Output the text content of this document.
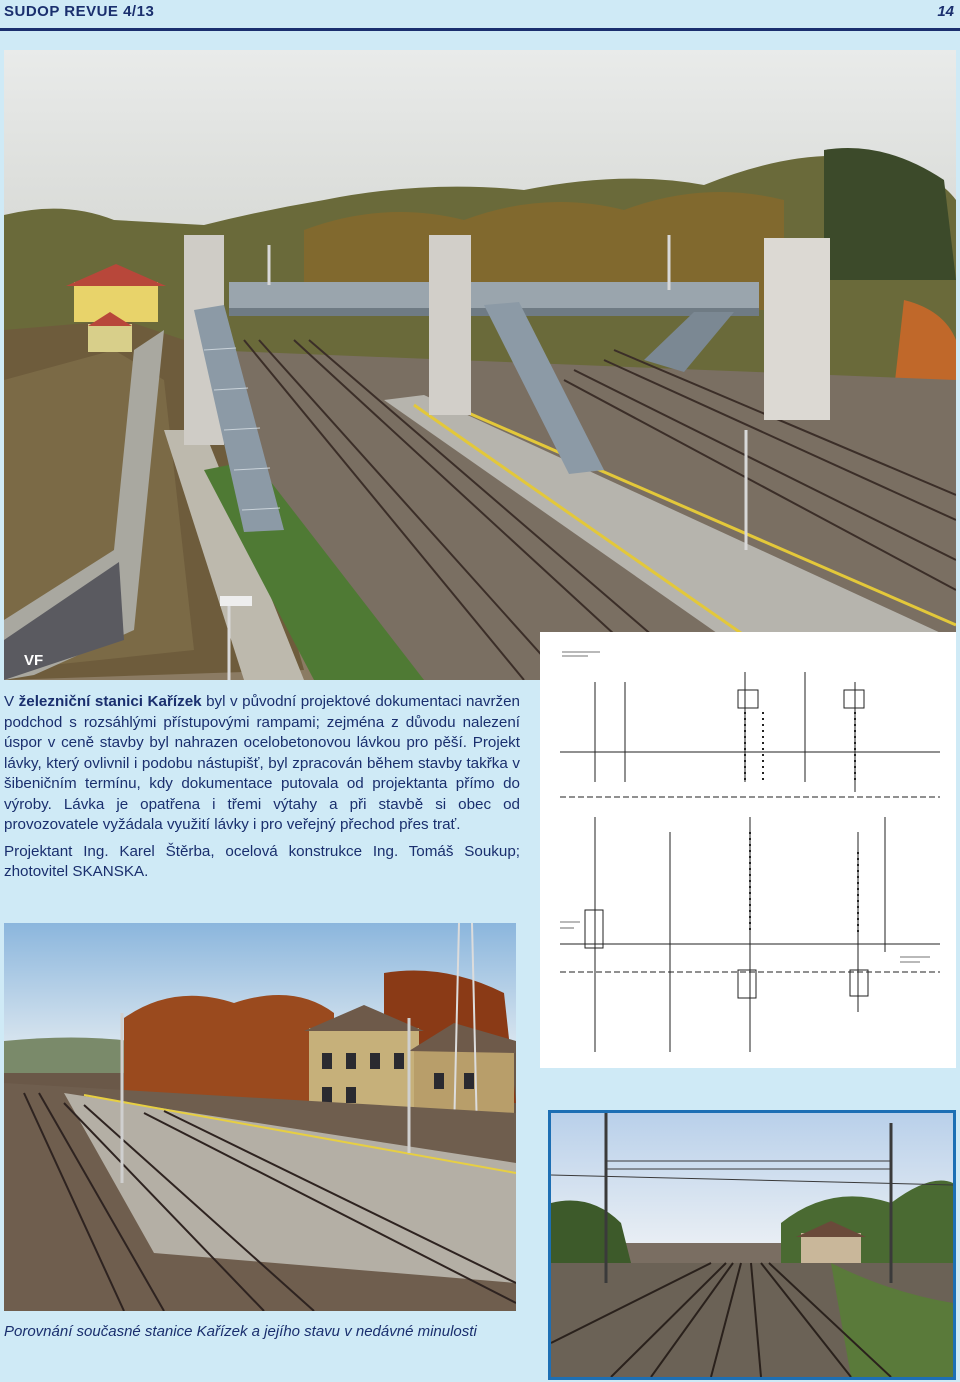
SUDOP REVUE 4/13	14
VF

V železniční stanici Kařízek byl v původní projektové dokumentaci navržen podchod s rozsáhlými přístupovými rampami; zejména z důvodu nalezení úspor v ceně stavby byl nahrazen ocelobetonovou lávkou pro pěší. Projekt lávky, který ovlivnil i podobu nástupišť, byl zpracován během stavby takřka v šibeničním termínu, kdy dokumentace putovala od projektanta přímo do výroby. Lávka je opatřena i třemi výtahy a při stavbě si obec od provozovatele vyžádala využití lávky i pro veřejný přechod přes trať.

Projektant Ing. Karel Štěrba, ocelová konstrukce Ing. Tomáš Soukup; zhotovitel SKANSKA.

Porovnání současné stanice Kařízek a jejího stavu v nedávné minulosti
